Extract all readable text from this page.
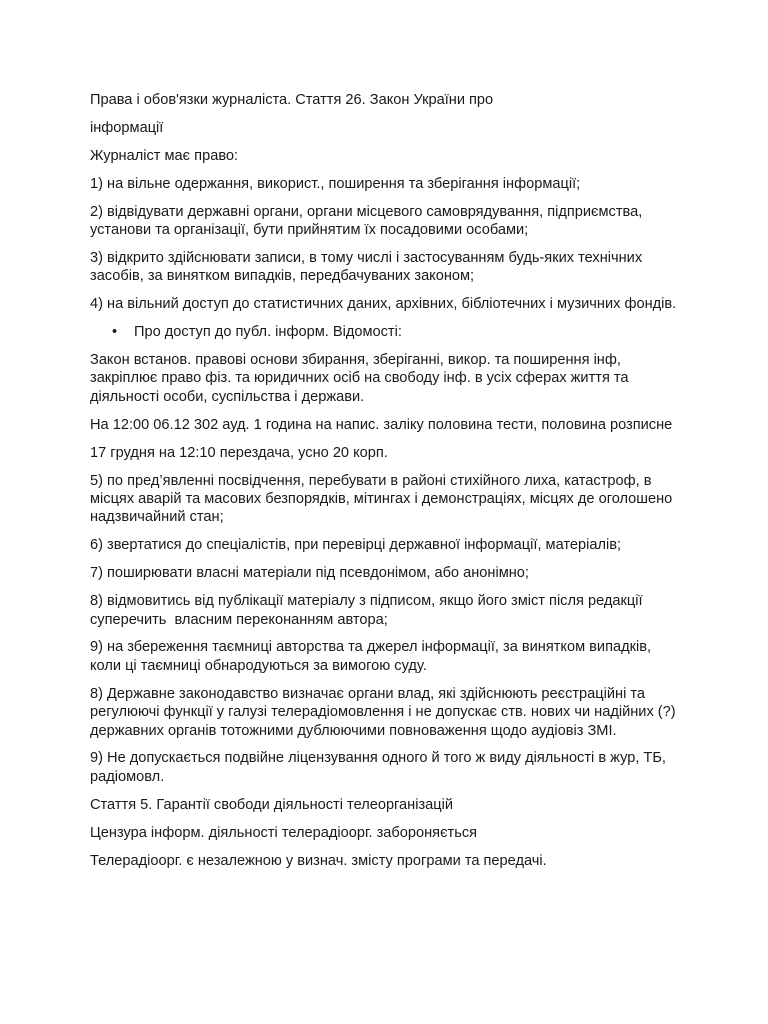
Права і обов'язки журналіста. Стаття 26. Закон України про

інформації

Журналіст має право:

1) на вільне одержання, використ., поширення та зберігання інформації;

2) відвідувати державні органи, органи місцевого самоврядування, підприємства, установи та організації, бути прийнятим їх посадовими особами;

3) відкрито здійснювати записи, в тому числі і застосуванням будь-яких технічних засобів, за винятком випадків, передбачуваних законом;

4) на вільний доступ до статистичних даних, архівних, бібліотечних і музичних фондів.

•	Про доступ до публ. інформ. Відомості:

Закон встанов. правові основи збирання, зберіганні, викор. та поширення інф, закріплює право фіз. та юридичних осіб на свободу інф. в усіх сферах життя та діяльності особи, суспільства і держави.

На 12:00 06.12 302 ауд. 1 година на напис. заліку половина тести, половина розписне

17 грудня на 12:10 перездача, усно 20 корп.

5) по пред’явленні посвідчення, перебувати в районі стихійного лиха, катастроф, в місцях аварій та масових безпорядків, мітингах і демонстраціях, місцях де оголошено надзвичайний стан;

6) звертатися до спеціалістів, при перевірці державної інформації, матеріалів;

7) поширювати власні матеріали під псевдонімом, або анонімно;

8) відмовитись від публікації матеріалу з підписом, якщо його зміст після редакції суперечить  власним переконанням автора;

9) на збереження таємниці авторства та джерел інформації, за винятком випадків, коли ці таємниці обнародуються за вимогою суду.

8) Державне законодавство визначає органи влад, які здійснюють реєстраційні та регулюючі функції у галузі телерадіомовлення і не допускає ств. нових чи надійних (?) державних органів тотожними дублюючими повноваження щодо аудіовіз ЗМІ.

9) Не допускається подвійне ліцензування одного й того ж виду діяльності в жур, ТБ, радіомовл.

Стаття 5. Гарантії свободи діяльності телеорганізацій

Цензура інформ. діяльності телерадіоорг. забороняється

Телерадіоорг. є незалежною у визнач. змісту програми та передачі.
